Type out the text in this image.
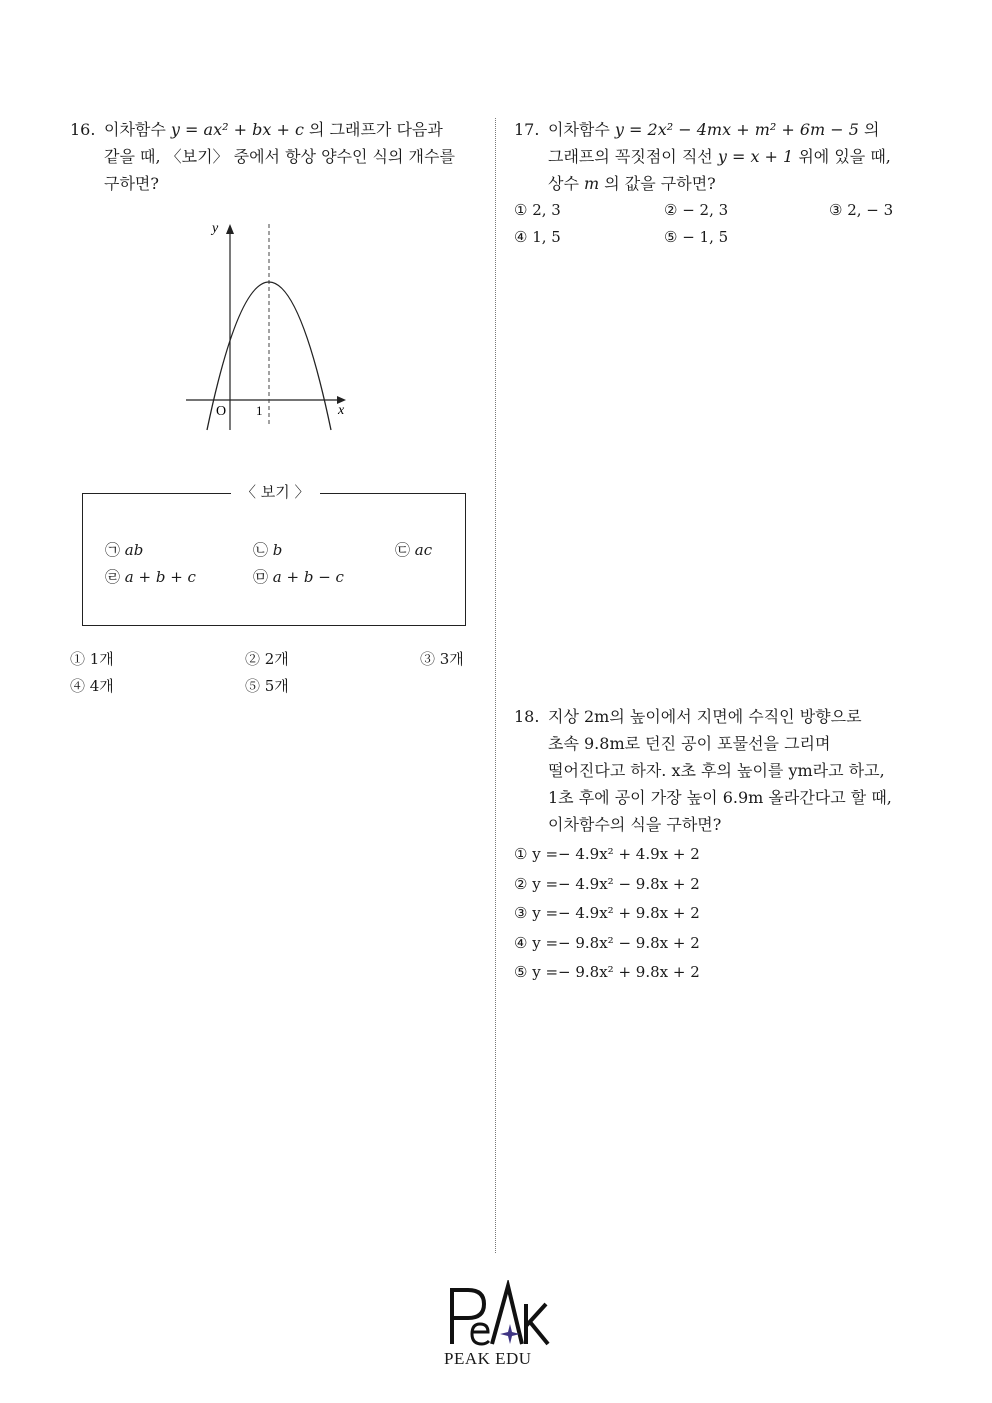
16. 이차함수 y = ax² + bx + c 의 그래프가 다음과
같을 때, 〈보기〉 중에서 항상 양수인 식의 개수를
구하면?
y
x
O 1
〈 보기 〉
㉠ ab	㉡ b	㉢ ac
㉣ a + b + c	㉤ a + b − c
① 1개	② 2개	③ 3개
④ 4개	⑤ 5개
17. 이차함수 y = 2x² − 4mx + m² + 6m − 5 의
그래프의 꼭짓점이 직선 y = x + 1 위에 있을 때,
상수 m 의 값을 구하면?
① 2, 3	② − 2, 3	③ 2, − 3
④ 1, 5	⑤ − 1, 5
18. 지상 2m의 높이에서 지면에 수직인 방향으로
초속 9.8m로 던진 공이 포물선을 그리며
떨어진다고 하자. x초 후의 높이를 ym라고 하고,
1초 후에 공이 가장 높이 6.9m 올라간다고 할 때,
이차함수의 식을 구하면?
① y =− 4.9x² + 4.9x + 2
② y =− 4.9x² − 9.8x + 2
③ y =− 4.9x² + 9.8x + 2
④ y =− 9.8x² − 9.8x + 2
⑤ y =− 9.8x² + 9.8x + 2
PEAK EDU
